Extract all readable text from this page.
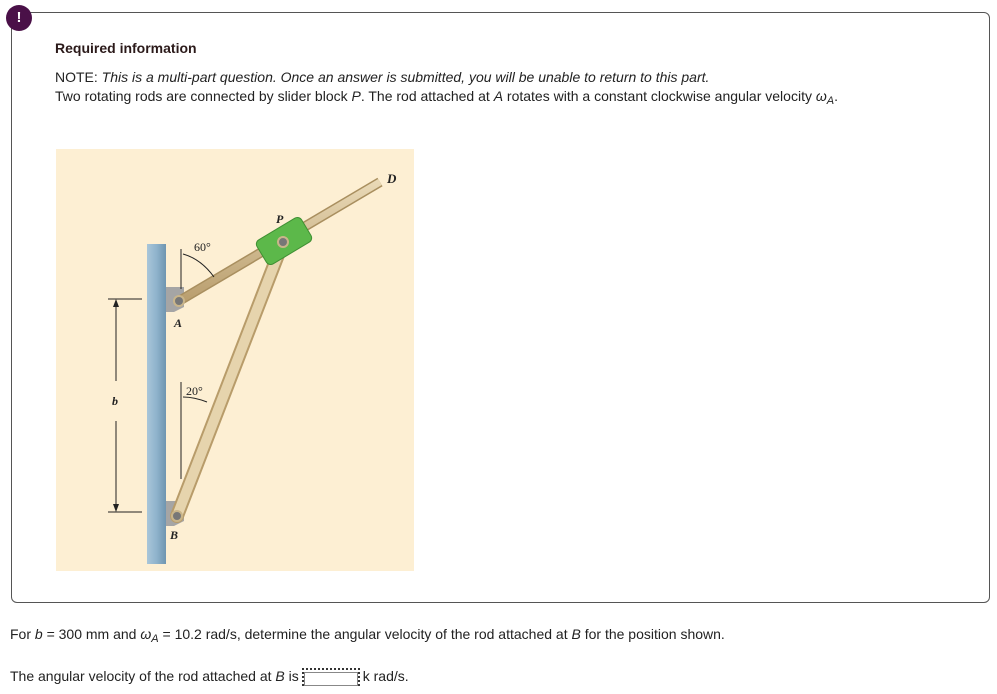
!
Required information
NOTE: This is a multi-part question. Once an answer is submitted, you will be unable to return to this part.
Two rotating rods are connected by slider block P. The rod attached at A rotates with a constant clockwise angular velocity $\omega_A$.
D
P
A
B
b
60°
20°
For b = 300 mm and $\omega_A = 10.2$ rad/s, determine the angular velocity of the rod attached at B for the position shown.
The angular velocity of the rod attached at B is	k rad/s.
